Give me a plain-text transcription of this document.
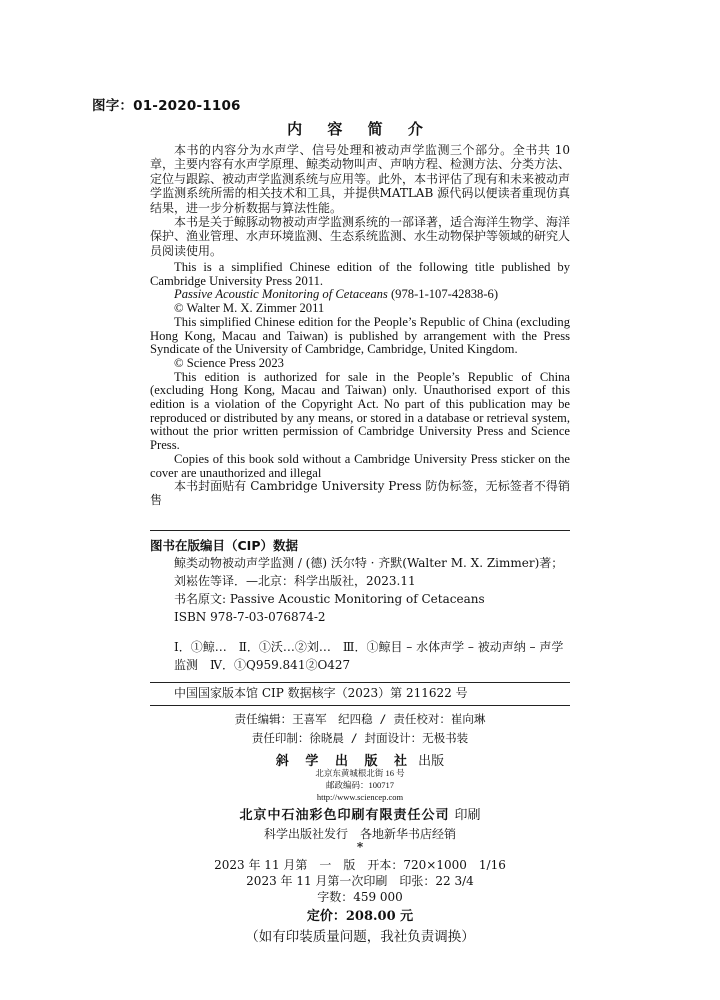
图字：01-2020-1106
内 容 简 介

本书的内容分为水声学、信号处理和被动声学监测三个部分。全书共 10 章，主要内容有水声学原理、鲸类动物叫声、声呐方程、检测方法、分类方法、定位与跟踪、被动声学监测系统与应用等。此外，本书评估了现有和未来被动声学监测系统所需的相关技术和工具，并提供MATLAB 源代码以便读者重现仿真结果，进一步分析数据与算法性能。

本书是关于鲸豚动物被动声学监测系统的一部译著，适合海洋生物学、海洋保护、渔业管理、水声环境监测、生态系统监测、水生动物保护等领域的研究人员阅读使用。

This is a simplified Chinese edition of the following title published by Cambridge University Press 2011.

Passive Acoustic Monitoring of Cetaceans (978-1-107-42838-6)

© Walter M. X. Zimmer 2011

This simplified Chinese edition for the People’s Republic of China (excluding Hong Kong, Macau and Taiwan) is published by arrangement with the Press Syndicate of the University of Cambridge, Cambridge, United Kingdom.

© Science Press 2023

This edition is authorized for sale in the People’s Republic of China (excluding Hong Kong, Macau and Taiwan) only. Unauthorised export of this edition is a violation of the Copyright Act. No part of this publication may be reproduced or distributed by any means, or stored in a database or retrieval system, without the prior written permission of Cambridge University Press and Science Press.

Copies of this book sold without a Cambridge University Press sticker on the cover are unauthorized and illegal

本书封面贴有 Cambridge University Press 防伪标签，无标签者不得销售

图书在版编目（CIP）数据

鲸类动物被动声学监测 / (德) 沃尔特 · 齐默(Walter M. X. Zimmer)著；刘崧佐等译．—北京：科学出版社，2023.11

书名原文: Passive Acoustic Monitoring of Cetaceans

ISBN 978-7-03-076874-2

Ⅰ．①鲸…　Ⅱ．①沃…②刘…　Ⅲ．①鲸目 – 水体声学 – 被动声纳 – 声学监测　Ⅳ．①Q959.841②O427

中国国家版本馆 CIP 数据核字（2023）第 211622 号

责任编辑：王喜军　纪四稳 / 责任校对：崔向琳
责任印制：徐晓晨 / 封面设计：无极书装
斜 学 出 版 社 出版
北京东黄城根北街 16 号
邮政编码：100717
http://www.sciencep.com
北京中石油彩色印刷有限责任公司 印刷
科学出版社发行　各地新华书店经销
*
2023 年 11 月第　一　版　开本：720×1000　1/16
2023 年 11 月第一次印刷　印张：22 3/4
字数：459 000
定价：208.00 元
（如有印装质量问题，我社负责调换）
